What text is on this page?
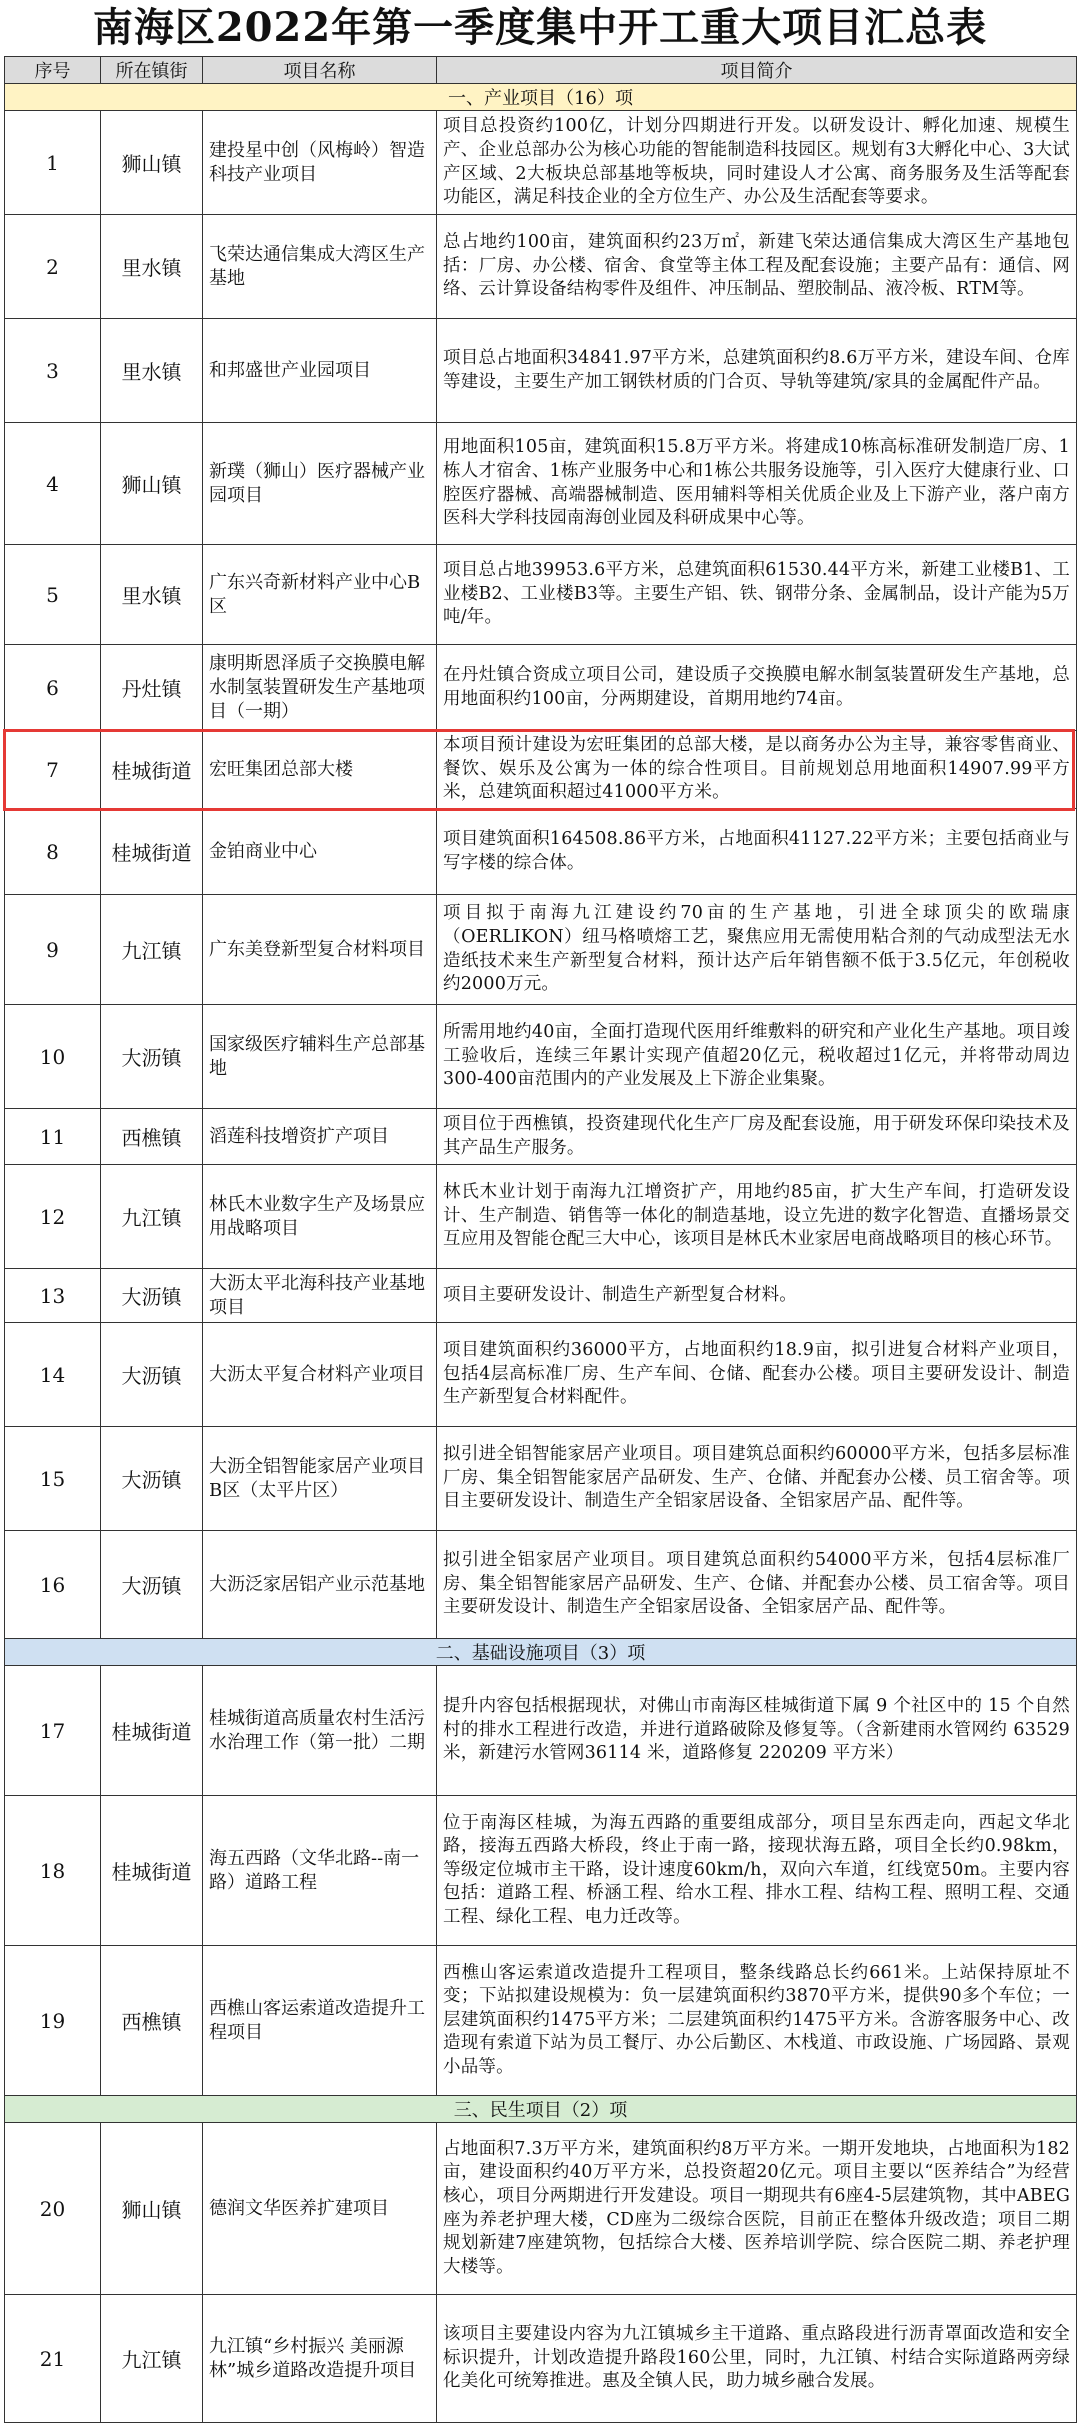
南海区2022年第一季度集中开工重大项目汇总表
序号	所在镇街	项目名称	项目简介
一、产业项目（16）项			
1	狮山镇	建投星中创（风梅岭）智造科技产业项目	项目总投资约100亿，计划分四期进行开发。以研发设计、孵化加速、规模生产、企业总部办公为核心功能的智能制造科技园区。规划有3大孵化中心、3大试产区域、2大板块总部基地等板块，同时建设人才公寓、商务服务及生活等配套功能区，满足科技企业的全方位生产、办公及生活配套等要求。
2	里水镇	飞荣达通信集成大湾区生产基地	总占地约100亩，建筑面积约23万㎡，新建飞荣达通信集成大湾区生产基地包括：厂房、办公楼、宿舍、食堂等主体工程及配套设施；主要产品有：通信、网络、云计算设备结构零件及组件、冲压制品、塑胶制品、液冷板、RTM等。
3	里水镇	和邦盛世产业园项目	项目总占地面积34841.97平方米，总建筑面积约8.6万平方米，建设车间、仓库等建设，主要生产加工钢铁材质的门合页、导轨等建筑/家具的金属配件产品。
4	狮山镇	新璞（狮山）医疗器械产业园项目	用地面积105亩，建筑面积15.8万平方米。将建成10栋高标准研发制造厂房、1栋人才宿舍、1栋产业服务中心和1栋公共服务设施等，引入医疗大健康行业、口腔医疗器械、高端器械制造、医用辅料等相关优质企业及上下游产业，落户南方医科大学科技园南海创业园及科研成果中心等。
5	里水镇	广东兴奇新材料产业中心B区	项目总占地39953.6平方米，总建筑面积61530.44平方米，新建工业楼B1、工业楼B2、工业楼B3等。主要生产铝、铁、钢带分条、金属制品，设计产能为5万吨/年。
6	丹灶镇	康明斯恩泽质子交换膜电解水制氢装置研发生产基地项目（一期）	在丹灶镇合资成立项目公司，建设质子交换膜电解水制氢装置研发生产基地，总用地面积约100亩，分两期建设，首期用地约74亩。
7	桂城街道	宏旺集团总部大楼	本项目预计建设为宏旺集团的总部大楼，是以商务办公为主导，兼容零售商业、餐饮、娱乐及公寓为一体的综合性项目。目前规划总用地面积14907.99平方米，总建筑面积超过41000平方米。
8	桂城街道	金铂商业中心	项目建筑面积164508.86平方米，占地面积41127.22平方米；主要包括商业与写字楼的综合体。
9	九江镇	广东美登新型复合材料项目	项目拟于南海九江建设约70亩的生产基地，引进全球顶尖的欧瑞康（OERLIKON）纽马格喷熔工艺，聚焦应用无需使用粘合剂的气动成型法无水造纸技术来生产新型复合材料，预计达产后年销售额不低于3.5亿元，年创税收约2000万元。
10	大沥镇	国家级医疗辅料生产总部基地	所需用地约40亩，全面打造现代医用纤维敷料的研究和产业化生产基地。项目竣工验收后，连续三年累计实现产值超20亿元，税收超过1亿元，并将带动周边300-400亩范围内的产业发展及上下游企业集聚。
11	西樵镇	滔莲科技增资扩产项目	项目位于西樵镇，投资建现代化生产厂房及配套设施，用于研发环保印染技术及其产品生产服务。
12	九江镇	林氏木业数字生产及场景应用战略项目	林氏木业计划于南海九江增资扩产，用地约85亩，扩大生产车间，打造研发设计、生产制造、销售等一体化的制造基地，设立先进的数字化智造、直播场景交互应用及智能仓配三大中心，该项目是林氏木业家居电商战略项目的核心环节。
13	大沥镇	大沥太平北海科技产业基地项目	项目主要研发设计、制造生产新型复合材料。
14	大沥镇	大沥太平复合材料产业项目	项目建筑面积约36000平方，占地面积约18.9亩，拟引进复合材料产业项目，包括4层高标准厂房、生产车间、仓储、配套办公楼。项目主要研发设计、制造生产新型复合材料配件。
15	大沥镇	大沥全铝智能家居产业项目B区（太平片区）	拟引进全铝智能家居产业项目。项目建筑总面积约60000平方米，包括多层标准厂房、集全铝智能家居产品研发、生产、仓储、并配套办公楼、员工宿舍等。项目主要研发设计、制造生产全铝家居设备、全铝家居产品、配件等。
16	大沥镇	大沥泛家居铝产业示范基地	拟引进全铝家居产业项目。项目建筑总面积约54000平方米，包括4层标准厂房、集全铝智能家居产品研发、生产、仓储、并配套办公楼、员工宿舍等。项目主要研发设计、制造生产全铝家居设备、全铝家居产品、配件等。
二、基础设施项目（3）项			
17	桂城街道	桂城街道高质量农村生活污水治理工作（第一批）二期	提升内容包括根据现状，对佛山市南海区桂城街道下属 9 个社区中的 15 个自然村的排水工程进行改造，并进行道路破除及修复等。（含新建雨水管网约 63529 米，新建污水管网36114 米，道路修复 220209 平方米）
18	桂城街道	海五西路（文华北路--南一路）道路工程	位于南海区桂城，为海五西路的重要组成部分，项目呈东西走向，西起文华北路，接海五西路大桥段，终止于南一路，接现状海五路，项目全长约0.98km，等级定位城市主干路，设计速度60km/h，双向六车道，红线宽50m。主要内容包括：道路工程、桥涵工程、给水工程、排水工程、结构工程、照明工程、交通工程、绿化工程、电力迁改等。
19	西樵镇	西樵山客运索道改造提升工程项目	西樵山客运索道改造提升工程项目，整条线路总长约661米。上站保持原址不变；下站拟建设规模为：负一层建筑面积约3870平方米，提供90多个车位；一层建筑面积约1475平方米；二层建筑面积约1475平方米。含游客服务中心、改造现有索道下站为员工餐厅、办公后勤区、木栈道、市政设施、广场园路、景观小品等。
三、民生项目（2）项			
20	狮山镇	德润文华医养扩建项目	占地面积7.3万平方米，建筑面积约8万平方米。一期开发地块，占地面积为182亩，建设面积约40万平方米，总投资超20亿元。项目主要以“医养结合”为经营核心，项目分两期进行开发建设。项目一期现共有6座4-5层建筑物，其中ABEG座为养老护理大楼，CD座为二级综合医院，目前正在整体升级改造；项目二期规划新建7座建筑物，包括综合大楼、医养培训学院、综合医院二期、养老护理大楼等。
21	九江镇	九江镇“乡村振兴 美丽源林”城乡道路改造提升项目	该项目主要建设内容为九江镇城乡主干道路、重点路段进行沥青罩面改造和安全标识提升，计划改造提升路段160公里，同时，九江镇、村结合实际道路两旁绿化美化可统筹推进。惠及全镇人民，助力城乡融合发展。
